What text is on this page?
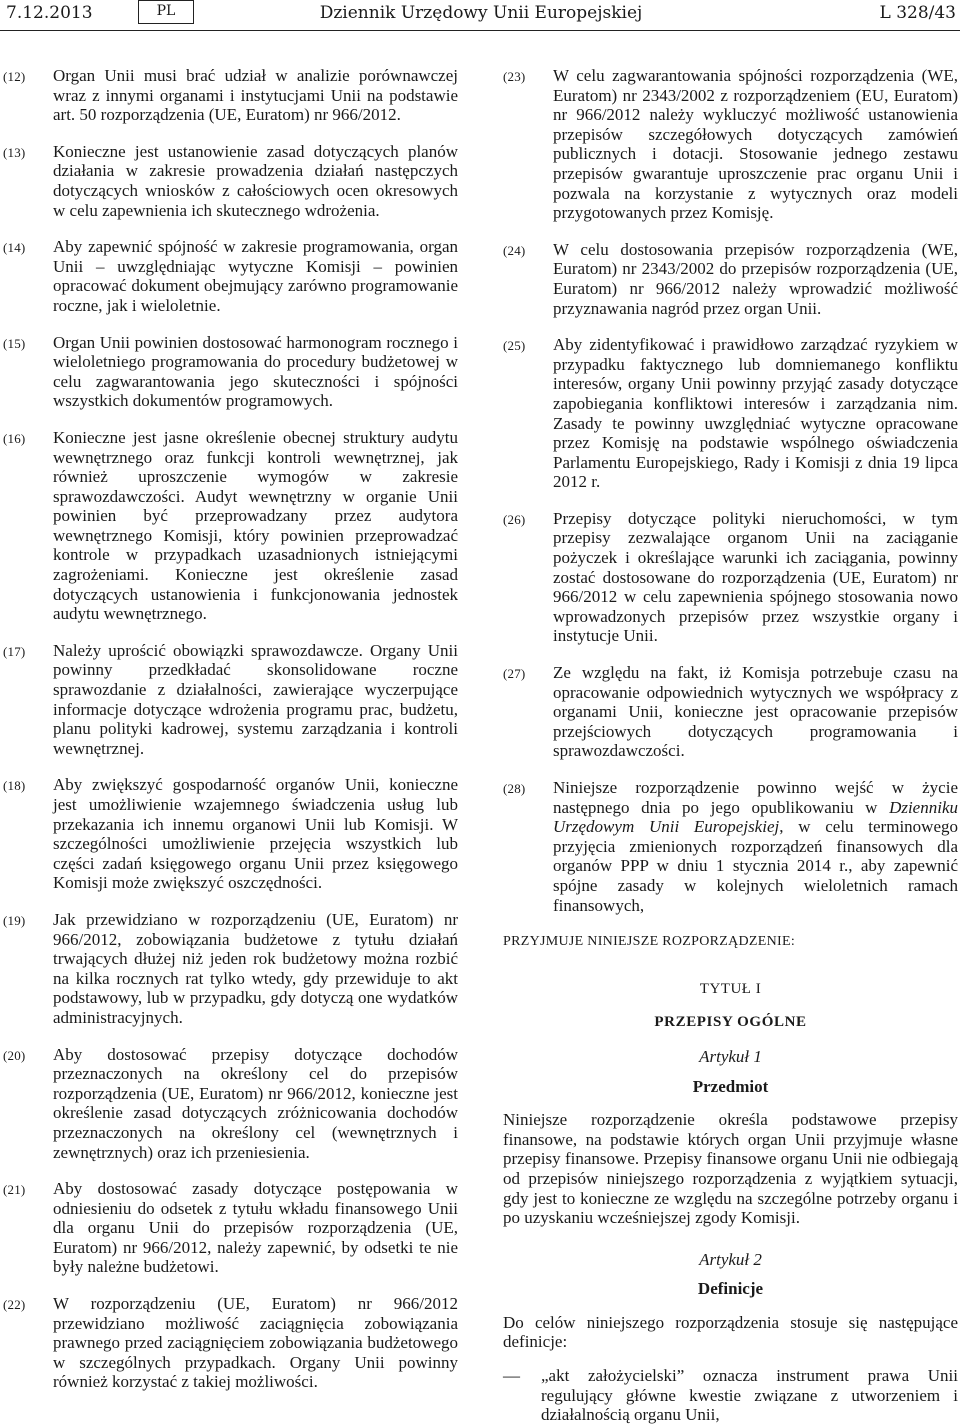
7.12.2013	PL	Dziennik Urzędowy Unii Europejskiej	L 328/43
(12) Organ Unii musi brać udział w analizie porównawczej wraz z innymi organami i instytucjami Unii na podstawie art. 50 rozporządzenia (UE, Euratom) nr 966/2012.
(13) Konieczne jest ustanowienie zasad dotyczących planów działania w zakresie prowadzenia działań następczych dotyczących wniosków z całościowych ocen okresowych w celu zapewnienia ich skutecznego wdrożenia.
(14) Aby zapewnić spójność w zakresie programowania, organ Unii – uwzględniając wytyczne Komisji – powinien opracować dokument obejmujący zarówno programowanie roczne, jak i wieloletnie.
(15) Organ Unii powinien dostosować harmonogram rocznego i wieloletniego programowania do procedury budżetowej w celu zagwarantowania jego skuteczności i spójności wszystkich dokumentów programowych.
(16) Konieczne jest jasne określenie obecnej struktury audytu wewnętrznego oraz funkcji kontroli wewnętrznej, jak również uproszczenie wymogów w zakresie sprawozdawczości. Audyt wewnętrzny w organie Unii powinien być przeprowadzany przez audytora wewnętrznego Komisji, który powinien przeprowadzać kontrole w przypadkach uzasadnionych istniejącymi zagrożeniami. Konieczne jest określenie zasad dotyczących ustanowienia i funkcjonowania jednostek audytu wewnętrznego.
(17) Należy uprościć obowiązki sprawozdawcze. Organy Unii powinny przedkładać skonsolidowane roczne sprawozdanie z działalności, zawierające wyczerpujące informacje dotyczące wdrożenia programu prac, budżetu, planu polityki kadrowej, systemu zarządzania i kontroli wewnętrznej.
(18) Aby zwiększyć gospodarność organów Unii, konieczne jest umożliwienie wzajemnego świadczenia usług lub przekazania ich innemu organowi Unii lub Komisji. W szczególności umożliwienie przejęcia wszystkich lub części zadań księgowego organu Unii przez księgowego Komisji może zwiększyć oszczędności.
(19) Jak przewidziano w rozporządzeniu (UE, Euratom) nr 966/2012, zobowiązania budżetowe z tytułu działań trwających dłużej niż jeden rok budżetowy można rozbić na kilka rocznych rat tylko wtedy, gdy przewiduje to akt podstawowy, lub w przypadku, gdy dotyczą one wydatków administracyjnych.
(20) Aby dostosować przepisy dotyczące dochodów przeznaczonych na określony cel do przepisów rozporządzenia (UE, Euratom) nr 966/2012, konieczne jest określenie zasad dotyczących zróżnicowania dochodów przeznaczonych na określony cel (wewnętrznych i zewnętrznych) oraz ich przeniesienia.
(21) Aby dostosować zasady dotyczące postępowania w odniesieniu do odsetek z tytułu wkładu finansowego Unii dla organu Unii do przepisów rozporządzenia (UE, Euratom) nr 966/2012, należy zapewnić, by odsetki te nie były należne budżetowi.
(22) W rozporządzeniu (UE, Euratom) nr 966/2012 przewidziano możliwość zaciągnięcia zobowiązania prawnego przed zaciągnięciem zobowiązania budżetowego w szczególnych przypadkach. Organy Unii powinny również korzystać z takiej możliwości.
(23) W celu zagwarantowania spójności rozporządzenia (WE, Euratom) nr 2343/2002 z rozporządzeniem (EU, Euratom) nr 966/2012 należy wykluczyć możliwość ustanowienia przepisów szczegółowych dotyczących zamówień publicznych i dotacji. Stosowanie jednego zestawu przepisów gwarantuje uproszczenie prac organu Unii i pozwala na korzystanie z wytycznych oraz modeli przygotowanych przez Komisję.
(24) W celu dostosowania przepisów rozporządzenia (WE, Euratom) nr 2343/2002 do przepisów rozporządzenia (UE, Euratom) nr 966/2012 należy wprowadzić możliwość przyznawania nagród przez organ Unii.
(25) Aby zidentyfikować i prawidłowo zarządzać ryzykiem w przypadku faktycznego lub domniemanego konfliktu interesów, organy Unii powinny przyjąć zasady dotyczące zapobiegania konfliktowi interesów i zarządzania nim. Zasady te powinny uwzględniać wytyczne opracowane przez Komisję na podstawie wspólnego oświadczenia Parlamentu Europejskiego, Rady i Komisji z dnia 19 lipca 2012 r.
(26) Przepisy dotyczące polityki nieruchomości, w tym przepisy zezwalające organom Unii na zaciąganie pożyczek i określające warunki ich zaciągania, powinny zostać dostosowane do rozporządzenia (UE, Euratom) nr 966/2012 w celu zapewnienia spójnego stosowania nowo wprowadzonych przepisów przez wszystkie organy i instytucje Unii.
(27) Ze względu na fakt, iż Komisja potrzebuje czasu na opracowanie odpowiednich wytycznych we współpracy z organami Unii, konieczne jest opracowanie przepisów przejściowych dotyczących programowania i sprawozdawczości.
(28) Niniejsze rozporządzenie powinno wejść w życie następnego dnia po jego opublikowaniu w Dzienniku Urzędowym Unii Europejskiej, w celu terminowego przyjęcia zmienionych rozporządzeń finansowych dla organów PPP w dniu 1 stycznia 2014 r., aby zapewnić spójne zasady w kolejnych wieloletnich ramach finansowych,

PRZYJMUJE NINIEJSZE ROZPORZĄDZENIE:

TYTUŁ I

PRZEPISY OGÓLNE

Artykuł 1

Przedmiot

Niniejsze rozporządzenie określa podstawowe przepisy finansowe, na podstawie których organ Unii przyjmuje własne przepisy finansowe. Przepisy finansowe organu Unii nie odbiegają od przepisów niniejszego rozporządzenia z wyjątkiem sytuacji, gdy jest to konieczne ze względu na szczególne potrzeby organu i po uzyskaniu wcześniejszej zgody Komisji.

Artykuł 2

Definicje

Do celów niniejszego rozporządzenia stosuje się następujące definicje:

— „akt założycielski” oznacza instrument prawa Unii regulujący główne kwestie związane z utworzeniem i działalnością organu Unii,
